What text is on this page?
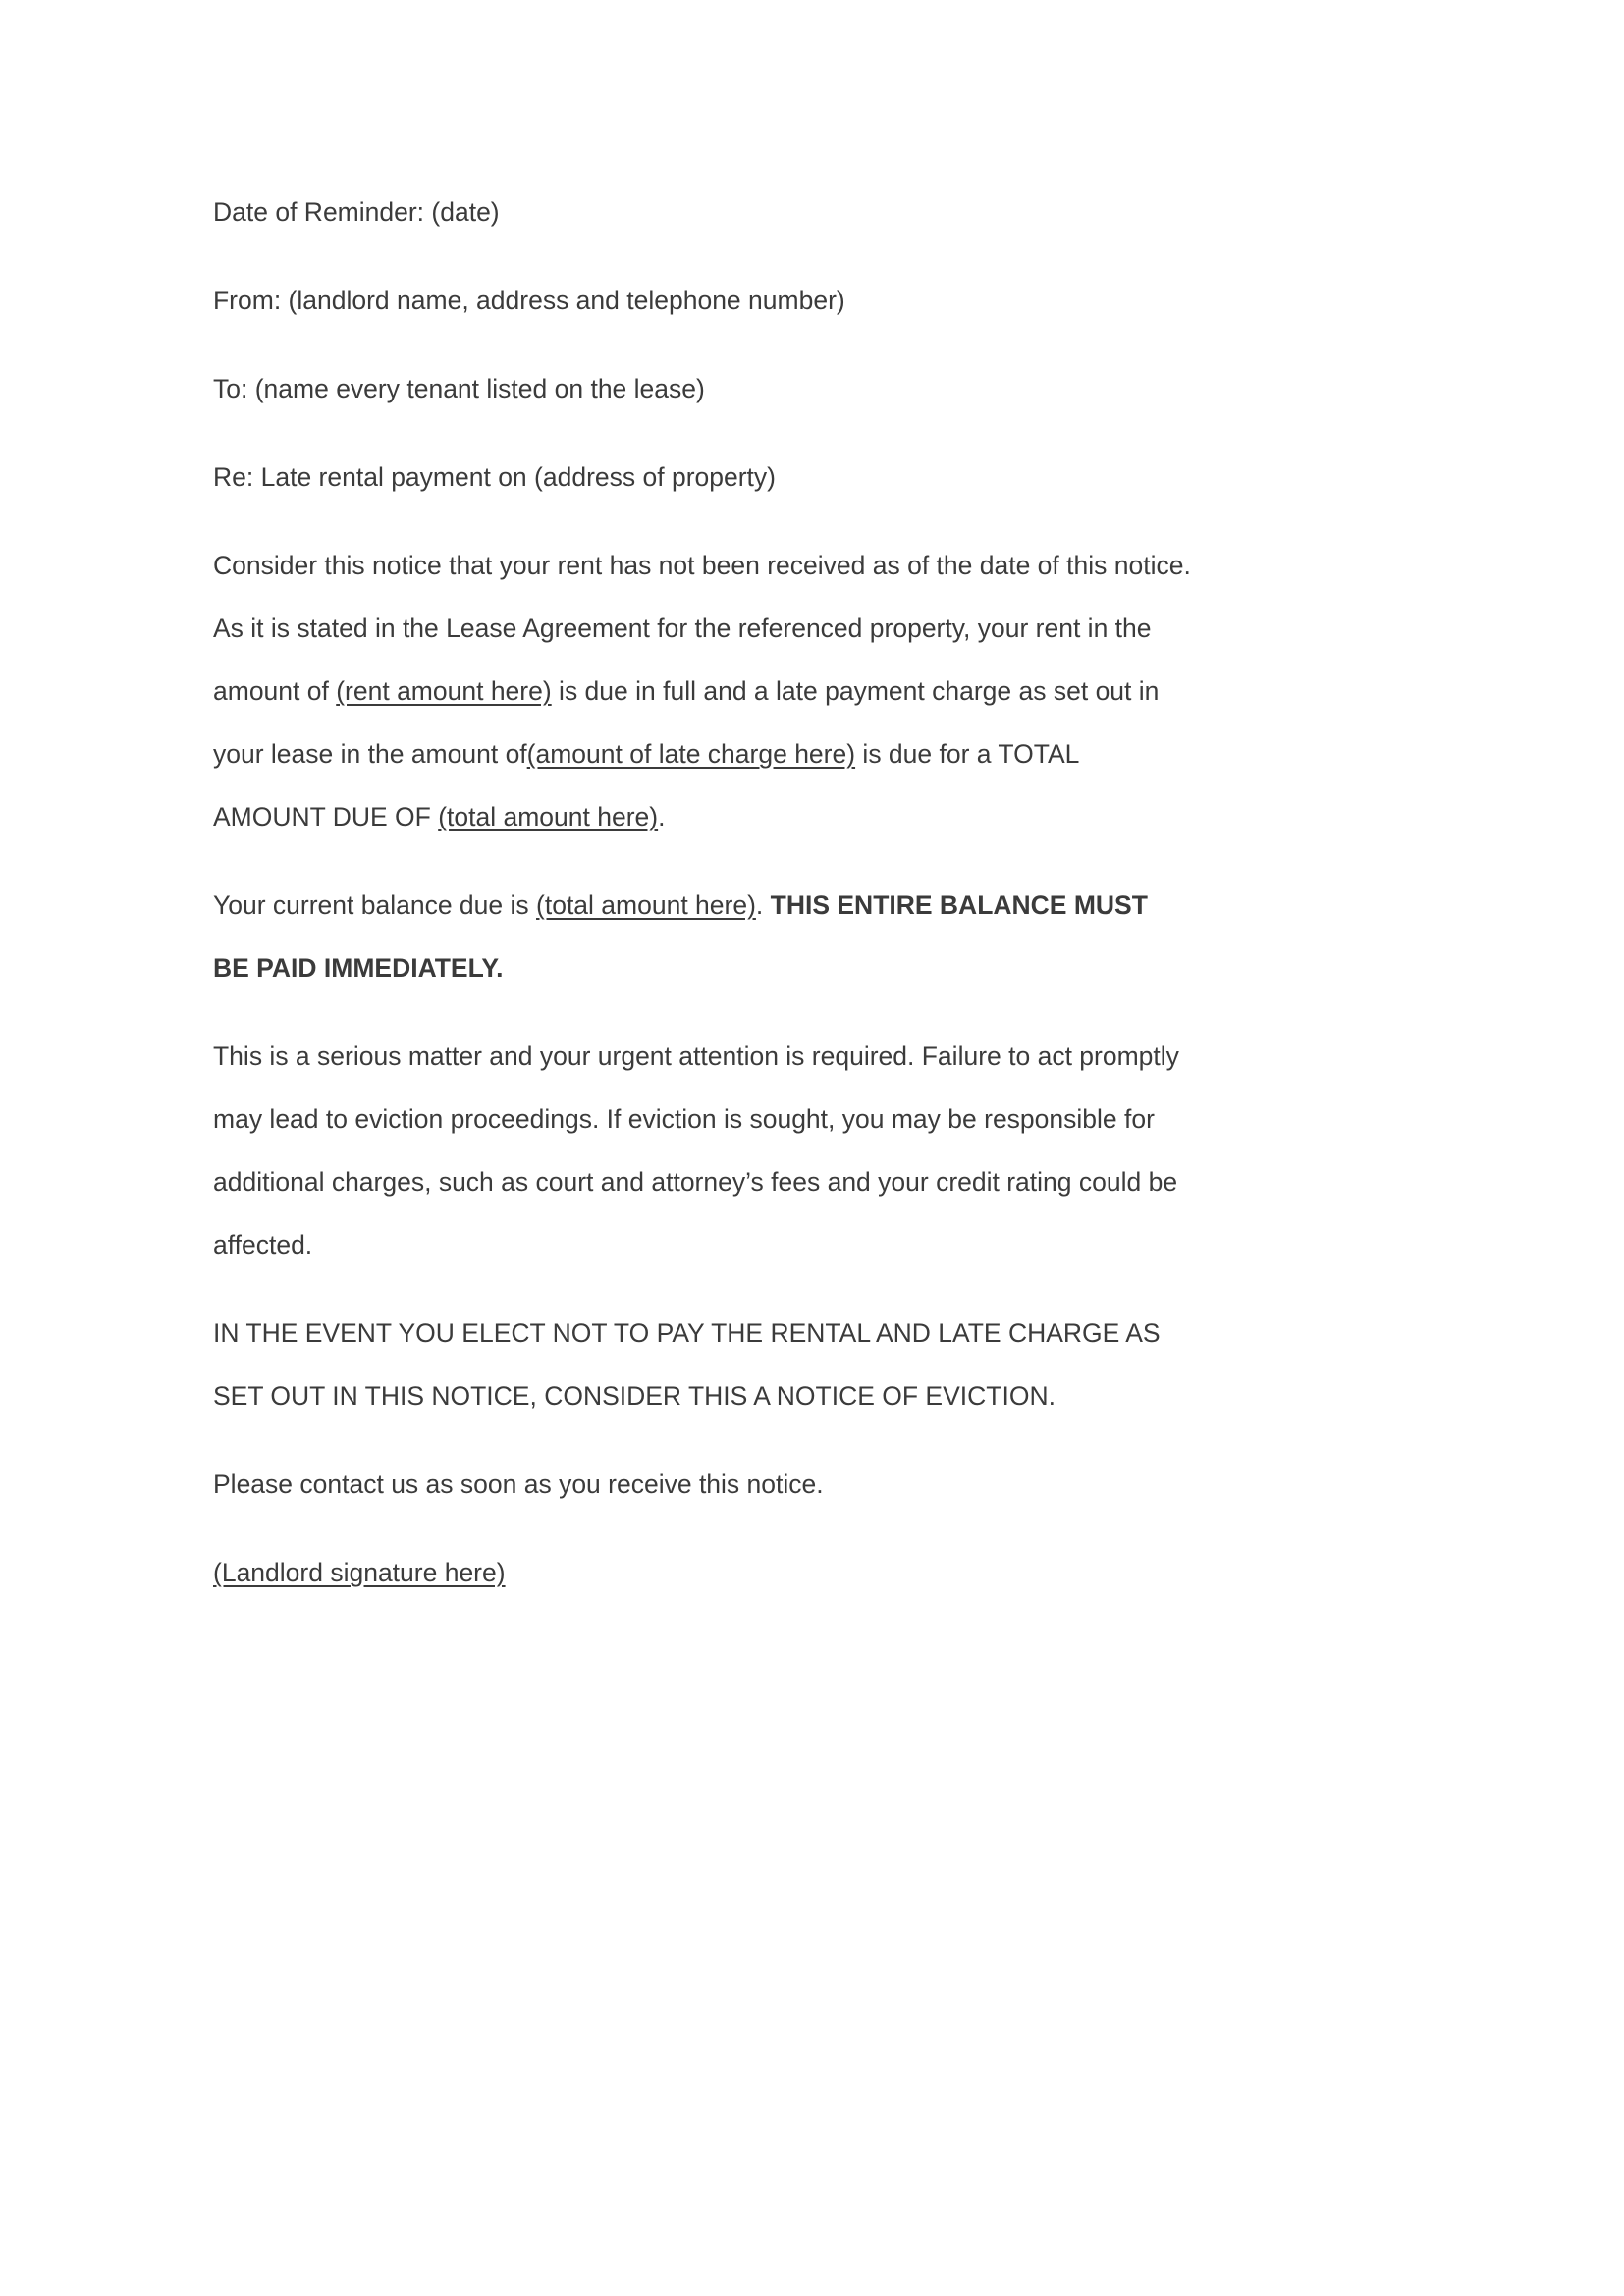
Date of Reminder: (date)

From: (landlord name, address and telephone number)

To: (name every tenant listed on the lease)

Re: Late rental payment on (address of property)

Consider this notice that your rent has not been received as of the date of this notice.
As it is stated in the Lease Agreement for the referenced property, your rent in the
amount of (rent amount here) is due in full and a late payment charge as set out in
your lease in the amount of(amount of late charge here) is due for a TOTAL
AMOUNT DUE OF (total amount here).

Your current balance due is (total amount here). THIS ENTIRE BALANCE MUST
BE PAID IMMEDIATELY.

This is a serious matter and your urgent attention is required. Failure to act promptly
may lead to eviction proceedings. If eviction is sought, you may be responsible for
additional charges, such as court and attorney’s fees and your credit rating could be
affected.

IN THE EVENT YOU ELECT NOT TO PAY THE RENTAL AND LATE CHARGE AS
SET OUT IN THIS NOTICE, CONSIDER THIS A NOTICE OF EVICTION.

Please contact us as soon as you receive this notice.

(Landlord signature here)
